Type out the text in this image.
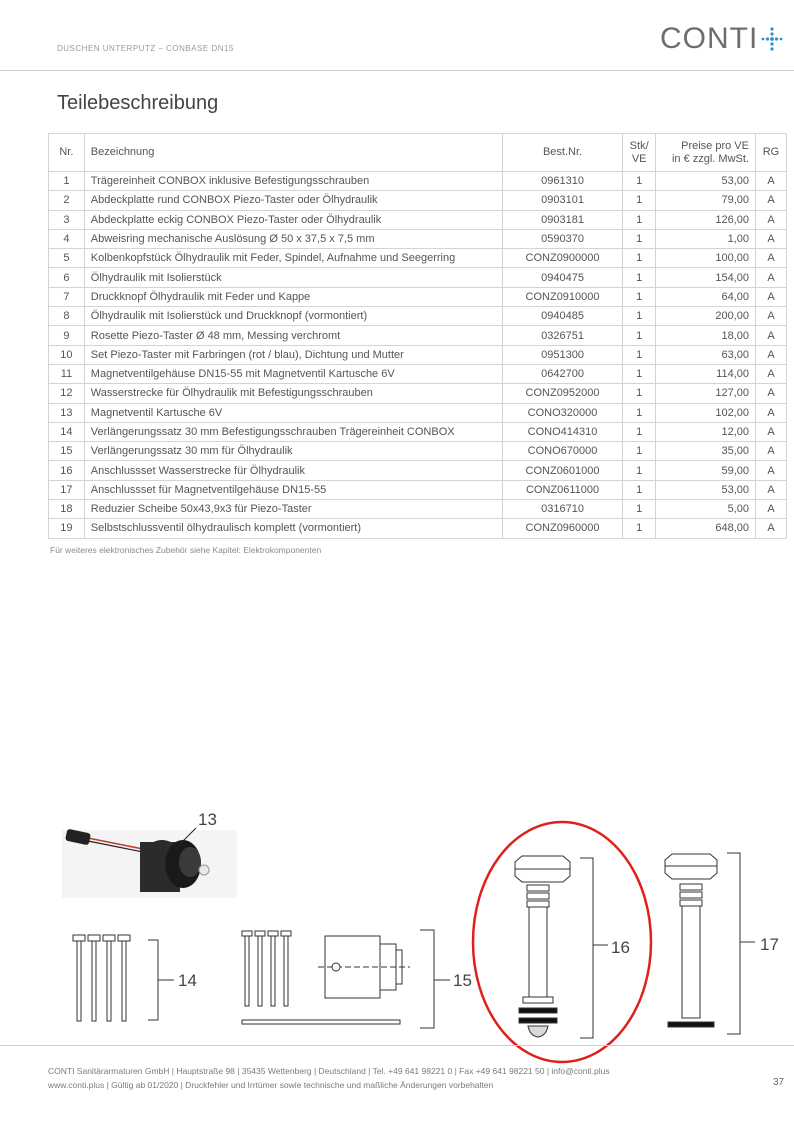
DUSCHEN UNTERPUTZ – CONBASE DN15	CONTI
Teilebeschreibung
Nr.	Bezeichnung	Best.Nr.	Stk/
VE	Preise pro VE
in € zzgl. MwSt.	RG
1	Trägereinheit CONBOX inklusive Befestigungsschrauben	0961310	1	53,00	A
2	Abdeckplatte rund CONBOX Piezo-Taster oder Ölhydraulik	0903101	1	79,00	A
3	Abdeckplatte eckig CONBOX Piezo-Taster oder Ölhydraulik	0903181	1	126,00	A
4	Abweisring mechanische Auslösung Ø 50 x 37,5 x 7,5 mm	0590370	1	1,00	A
5	Kolbenkopfstück Ölhydraulik mit Feder, Spindel, Aufnahme und Seegerring	CONZ0900000	1	100,00	A
6	Ölhydraulik mit Isolierstück	0940475	1	154,00	A
7	Druckknopf Ölhydraulik mit Feder und Kappe	CONZ0910000	1	64,00	A
8	Ölhydraulik mit Isolierstück und Druckknopf (vormontiert)	0940485	1	200,00	A
9	Rosette Piezo-Taster Ø 48 mm, Messing verchromt	0326751	1	18,00	A
10	Set Piezo-Taster mit Farbringen (rot / blau), Dichtung und Mutter	0951300	1	63,00	A
11	Magnetventilgehäuse DN15-55 mit Magnetventil Kartusche 6V	0642700	1	114,00	A
12	Wasserstrecke für Ölhydraulik mit Befestigungsschrauben	CONZ0952000	1	127,00	A
13	Magnetventil Kartusche 6V	CONO320000	1	102,00	A
14	Verlängerungssatz 30 mm Befestigungsschrauben Trägereinheit CONBOX	CONO414310	1	12,00	A
15	Verlängerungssatz 30 mm für Ölhydraulik	CONO670000	1	35,00	A
16	Anschlussset Wasserstrecke für Ölhydraulik	CONZ0601000	1	59,00	A
17	Anschlussset für Magnetventilgehäuse DN15-55	CONZ0611000	1	53,00	A
18	Reduzier Scheibe 50x43,9x3 für Piezo-Taster	0316710	1	5,00	A
19	Selbstschlussventil ölhydraulisch komplett (vormontiert)	CONZ0960000	1	648,00	A
Für weiteres elektronisches Zubehör siehe Kapitel: Elektrokomponenten
13
14	15
16	17
CONTI Sanitärarmaturen GmbH | Hauptstraße 98 | 35435 Wettenberg | Deutschland | Tel. +49 641 98221 0 | Fax +49 641 98221 50 | info@conti.plus
www.conti.plus | Gültig ab 01/2020 | Druckfehler und Irrtümer sowie technische und maßliche Änderungen vorbehalten	37
